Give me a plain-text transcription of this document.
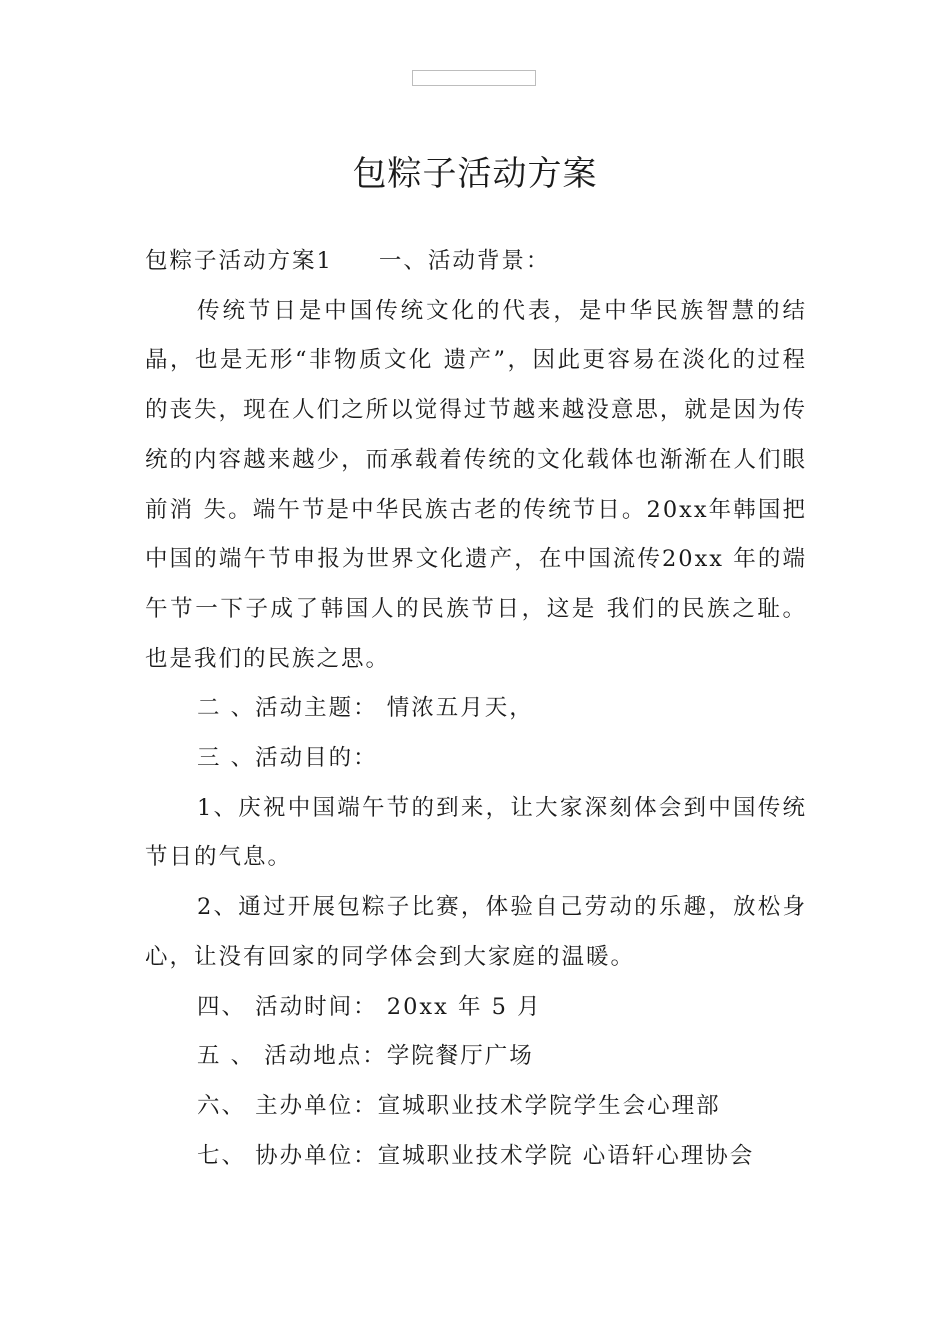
包粽子活动方案

包粽子活动方案1 一、活动背景：

传统节日是中国传统文化的代表，是中华民族智慧的结晶，也是无形“非物质文化 遗产”，因此更容易在淡化的过程的丧失，现在人们之所以觉得过节越来越没意思，就是因为传统的内容越来越少，而承载着传统的文化载体也渐渐在人们眼前消 失。端午节是中华民族古老的传统节日。20xx年韩国把中国的端午节申报为世界文化遗产，在中国流传20xx 年的端午节一下子成了韩国人的民族节日，这是 我们的民族之耻。也是我们的民族之思。

二 、活动主题： 情浓五月天，

三 、活动目的：

1、庆祝中国端午节的到来，让大家深刻体会到中国传统节日的气息。

2、通过开展包粽子比赛，体验自己劳动的乐趣，放松身心，让没有回家的同学体会到大家庭的温暖。

四、 活动时间： 20xx 年 5 月

五 、 活动地点：学院餐厅广场

六、 主办单位：宣城职业技术学院学生会心理部

七、 协办单位：宣城职业技术学院 心语轩心理协会
